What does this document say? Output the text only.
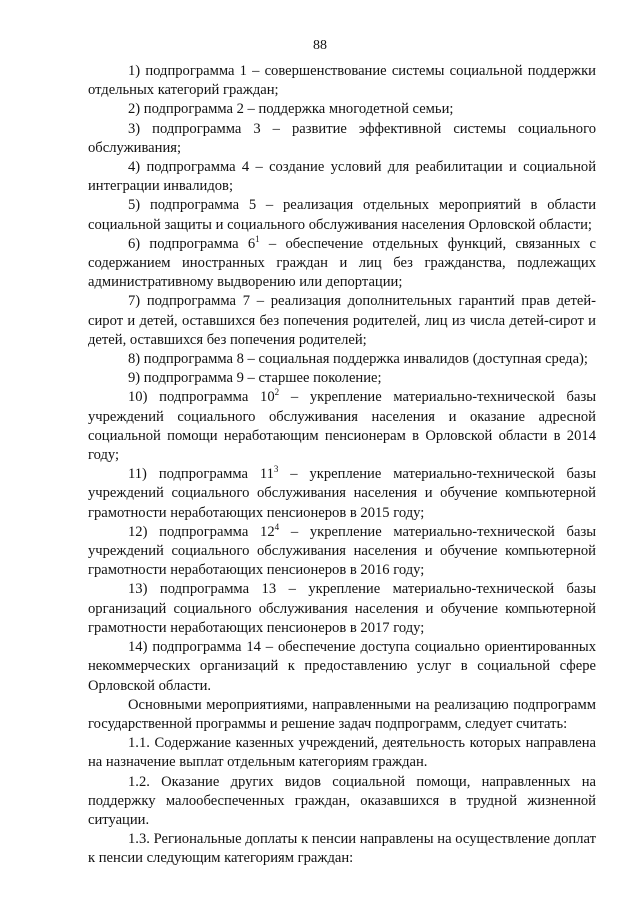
88

1) подпрограмма 1 – совершенствование системы социальной поддержки отдельных категорий граждан;

2) подпрограмма 2 – поддержка многодетной семьи;

3) подпрограмма 3 – развитие эффективной системы социального обслуживания;

4) подпрограмма 4 – создание условий для реабилитации и социальной интеграции инвалидов;

5) подпрограмма 5 – реализация отдельных мероприятий в области социальной защиты и социального обслуживания населения Орловской области;

6) подпрограмма $6^1$ – обеспечение отдельных функций, связанных с содержанием иностранных граждан и лиц без гражданства, подлежащих административному выдворению или депортации;

7) подпрограмма 7 – реализация дополнительных гарантий прав детей-сирот и детей, оставшихся без попечения родителей, лиц из числа детей-сирот и детей, оставшихся без попечения родителей;

8) подпрограмма 8 – социальная поддержка инвалидов (доступная среда);

9) подпрограмма 9 – старшее поколение;

10) подпрограмма $10^2$ – укрепление материально-технической базы учреждений социального обслуживания населения и оказание адресной социальной помощи неработающим пенсионерам в Орловской области в 2014 году;

11) подпрограмма $11^3$ – укрепление материально-технической базы учреждений социального обслуживания населения и обучение компьютерной грамотности неработающих пенсионеров в 2015 году;

12) подпрограмма $12^4$ – укрепление материально-технической базы учреждений социального обслуживания населения и обучение компьютерной грамотности неработающих пенсионеров в 2016 году;

13) подпрограмма 13 – укрепление материально-технической базы организаций социального обслуживания населения и обучение компьютерной грамотности неработающих пенсионеров в 2017 году;

14) подпрограмма 14 – обеспечение доступа социально ориентированных некоммерческих организаций к предоставлению услуг в социальной сфере Орловской области.

Основными мероприятиями, направленными на реализацию подпрограмм государственной программы и решение задач подпрограмм, следует считать:

1.1. Содержание казенных учреждений, деятельность которых направлена на назначение выплат отдельным категориям граждан.

1.2. Оказание других видов социальной помощи, направленных на поддержку малообеспеченных граждан, оказавшихся в трудной жизненной ситуации.

1.3. Региональные доплаты к пенсии направлены на осуществление доплат к пенсии следующим категориям граждан:
